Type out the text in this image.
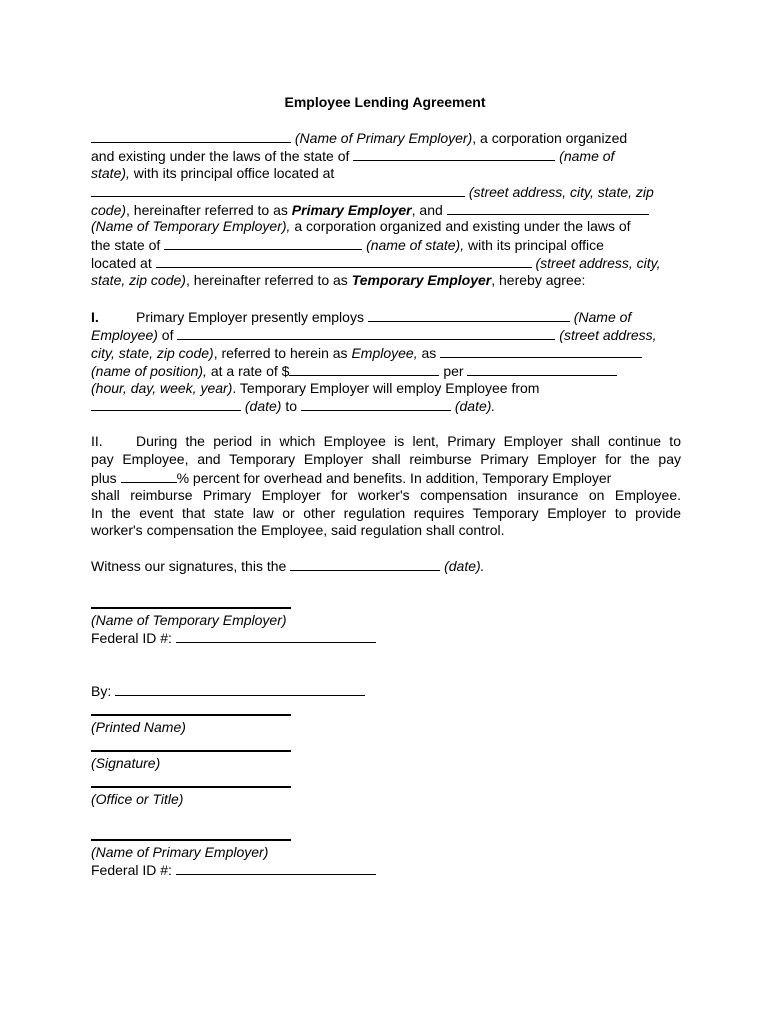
Employee Lending Agreement
(Name of Primary Employer), a corporation organized
and existing under the laws of the state of	(name of
state), with its principal office located at
(street address, city, state, zip
code), hereinafter referred to as Primary Employer, and
(Name of Temporary Employer), a corporation organized and existing under the laws of
the state of	(name of state), with its principal office
located at	(street address, city,
state, zip code), hereinafter referred to as Temporary Employer, hereby agree:
I.	Primary Employer presently employs	(Name of
Employee) of	(street address,
city, state, zip code), referred to herein as Employee, as
(name of position), at a rate of $	per
(hour, day, week, year). Temporary Employer will employ Employee from
(date) to	(date).
II. During the period in which Employee is lent, Primary Employer shall continue to
pay Employee, and Temporary Employer shall reimburse Primary Employer for the pay
plus	% percent for overhead and benefits. In addition, Temporary Employer
shall reimburse Primary Employer for worker's compensation insurance on Employee.
In the event that state law or other regulation requires Temporary Employer to provide
worker's compensation the Employee, said regulation shall control.
Witness our signatures, this the	(date).
(Name of Temporary Employer)
Federal ID #:
By:
(Printed Name)
(Signature)
(Office or Title)
(Name of Primary Employer)
Federal ID #:
